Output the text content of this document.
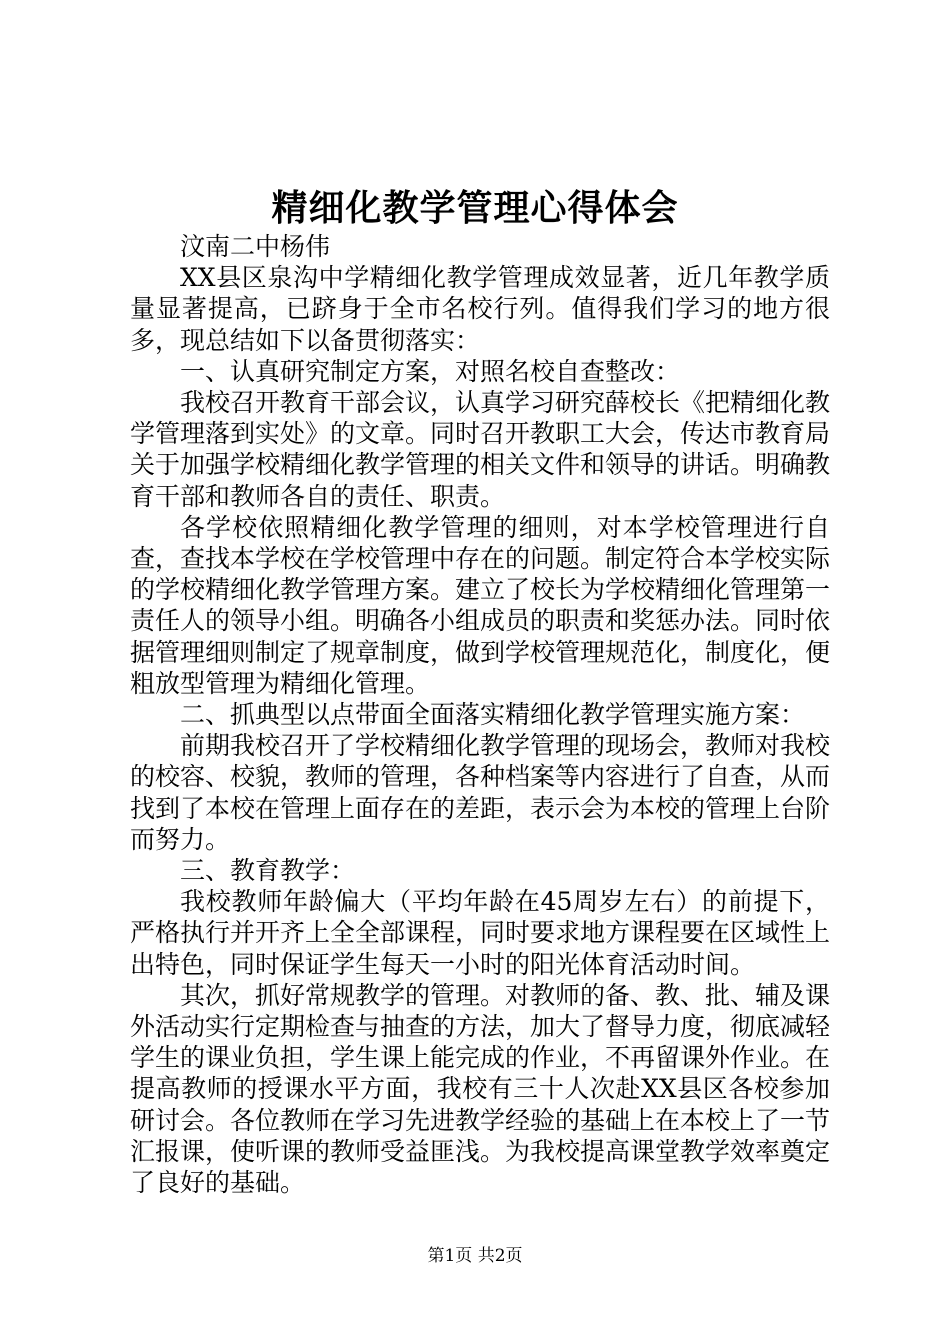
精细化教学管理心得体会

汶南二中杨伟

XX县区泉沟中学精细化教学管理成效显著，近几年教学质量显著提高，已跻身于全市名校行列。值得我们学习的地方很多，现总结如下以备贯彻落实：

一、认真研究制定方案，对照名校自查整改：

我校召开教育干部会议，认真学习研究薛校长《把精细化教学管理落到实处》的文章。同时召开教职工大会，传达市教育局关于加强学校精细化教学管理的相关文件和领导的讲话。明确教育干部和教师各自的责任、职责。

各学校依照精细化教学管理的细则，对本学校管理进行自查，查找本学校在学校管理中存在的问题。制定符合本学校实际的学校精细化教学管理方案。建立了校长为学校精细化管理第一责任人的领导小组。明确各小组成员的职责和奖惩办法。同时依据管理细则制定了规章制度，做到学校管理规范化，制度化，便粗放型管理为精细化管理。

二、抓典型以点带面全面落实精细化教学管理实施方案：

前期我校召开了学校精细化教学管理的现场会，教师对我校的校容、校貌，教师的管理，各种档案等内容进行了自查，从而找到了本校在管理上面存在的差距，表示会为本校的管理上台阶而努力。

三、教育教学：

我校教师年龄偏大（平均年龄在45周岁左右）的前提下，严格执行并开齐上全全部课程，同时要求地方课程要在区域性上出特色，同时保证学生每天一小时的阳光体育活动时间。

其次，抓好常规教学的管理。对教师的备、教、批、辅及课外活动实行定期检查与抽查的方法，加大了督导力度，彻底减轻学生的课业负担，学生课上能完成的作业，不再留课外作业。在提高教师的授课水平方面，我校有三十人次赴XX县区各校参加研讨会。各位教师在学习先进教学经验的基础上在本校上了一节汇报课，使听课的教师受益匪浅。为我校提高课堂教学效率奠定了良好的基础。

第1页 共2页
